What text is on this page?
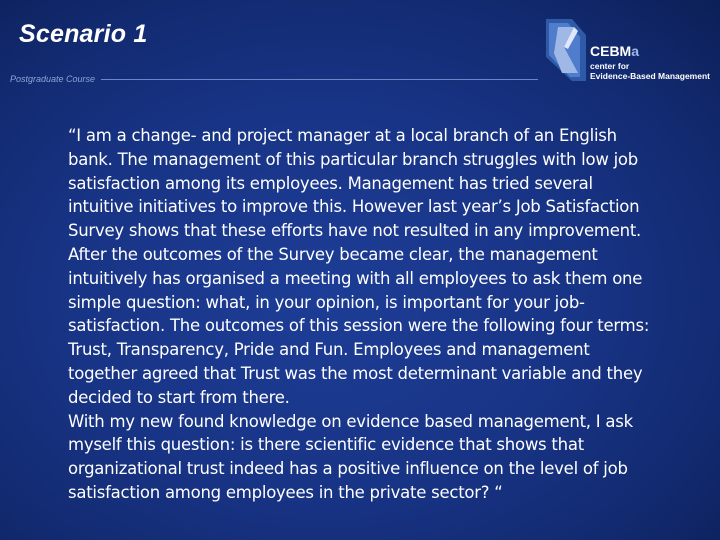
Scenario 1
Postgraduate Course
CEBMa
center for
Evidence-Based Management

“I am a change- and project manager at a local branch of an English bank. The management of this particular branch struggles with low job satisfaction among its employees. Management has tried several intuitive initiatives to improve this. However last year’s Job Satisfaction Survey shows that these efforts have not resulted in any improvement. After the outcomes of the Survey became clear, the management intuitively has organised a meeting with all employees to ask them one simple question: what, in your opinion, is important for your job-satisfaction. The outcomes of this session were the following four terms: Trust, Transparency, Pride and Fun. Employees and management together agreed that Trust was the most determinant variable and they decided to start from there.

With my new found knowledge on evidence based management, I ask myself this question: is there scientific evidence that shows that organizational trust indeed has a positive influence on the level of job satisfaction among employees in the private sector? “
